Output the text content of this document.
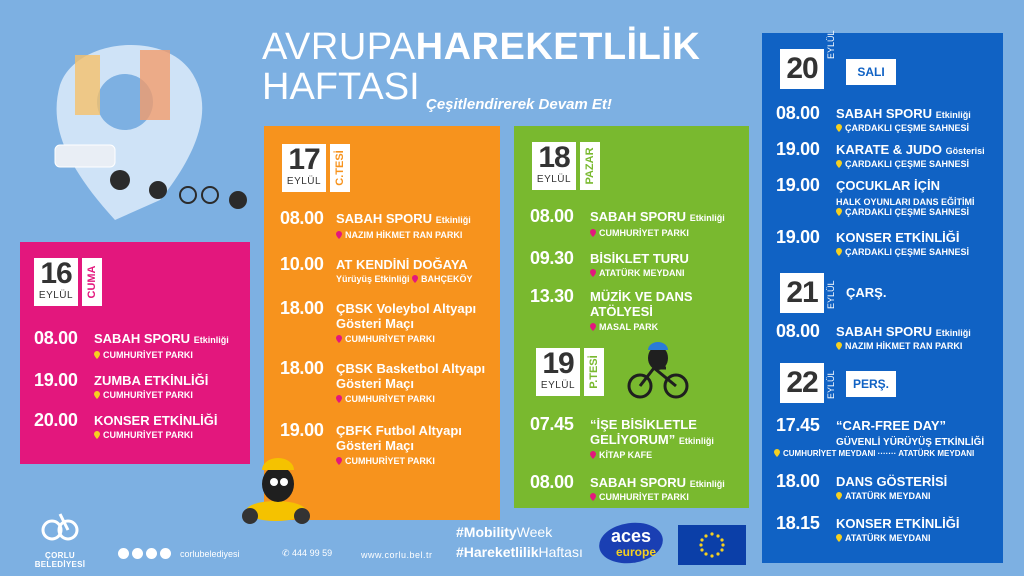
AVRUPAHAREKETLİLİK
HAFTASI Çeşitlendirerek Devam Et!
16
EYLÜL	CUMA
08.00 SABAH SPORU Etkinliği
CUMHURİYET PARKI
19.00 ZUMBA ETKİNLİĞİ
CUMHURİYET PARKI
20.00 KONSER ETKİNLİĞİ
CUMHURİYET PARKI
17
EYLÜL	C.TESİ
08.00 SABAH SPORU Etkinliği
NAZIM HİKMET RAN PARKI
10.00 AT KENDİNİ DOĞAYA
Yürüyüş Etkinliği BAHÇEKÖY
18.00 ÇBSK Voleybol Altyapı
Gösteri Maçı
CUMHURİYET PARKI
18.00 ÇBSK Basketbol Altyapı
Gösteri Maçı
CUMHURİYET PARKI
19.00 ÇBFK Futbol Altyapı
Gösteri Maçı
CUMHURİYET PARKI
18
EYLÜL	PAZAR
08.00 SABAH SPORU Etkinliği
CUMHURİYET PARKI
09.30 BİSİKLET TURU
ATATÜRK MEYDANI
13.30 MÜZİK VE DANS
ATÖLYESİ
MASAL PARK
19
EYLÜL	P.TESİ
07.45 “İŞE BİSİKLETLE
GELİYORUM” Etkinliği
KİTAP KAFE
08.00 SABAH SPORU Etkinliği
CUMHURİYET PARKI
20
EYLÜL
SALI
08.00 SABAH SPORU Etkinliği
ÇARDAKLI ÇEŞME SAHNESİ
19.00 KARATE & JUDO Gösterisi
ÇARDAKLI ÇEŞME SAHNESİ
19.00 ÇOCUKLAR İÇİN
HALK OYUNLARI DANS EĞİTİMİ
ÇARDAKLI ÇEŞME SAHNESİ
19.00 KONSER ETKİNLİĞİ
ÇARDAKLI ÇEŞME SAHNESİ
21 EYLÜL ÇARŞ.
08.00 SABAH SPORU Etkinliği
NAZIM HİKMET RAN PARKI
22 EYLÜL	PERŞ.
17.45 “CAR-FREE DAY”
GÜVENLİ YÜRÜYÜŞ ETKİNLİĞİ
CUMHURİYET MEYDANI ······· ATATÜRK MEYDANI
18.00 DANS GÖSTERİSİ
ATATÜRK MEYDANI
18.15 KONSER ETKİNLİĞİ
ATATÜRK MEYDANI
ÇORLU BELEDİYESİ
corlubelediyesi	✆ 444 99 59	www.corlu.bel.tr
#MobilityWeek
#HareketlilikHaftası
aces
europe
